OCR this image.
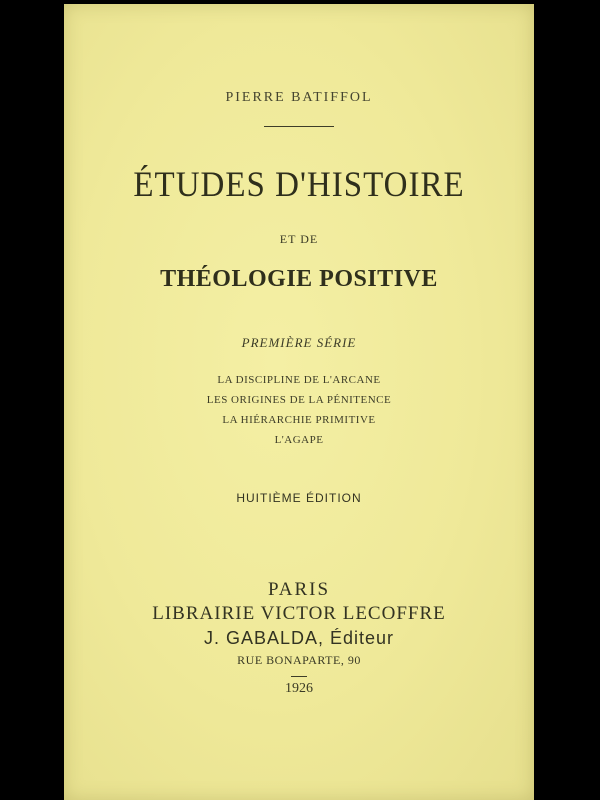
PIERRE BATIFFOL
ÉTUDES D'HISTOIRE
ET DE
THÉOLOGIE POSITIVE
PREMIÈRE SÉRIE
LA DISCIPLINE DE L'ARCANE
LES ORIGINES DE LA PÉNITENCE
LA HIÉRARCHIE PRIMITIVE
L'AGAPE
HUITIÈME ÉDITION
PARIS
LIBRAIRIE VICTOR LECOFFRE
J. GABALDA, Éditeur
RUE BONAPARTE, 90
1926
